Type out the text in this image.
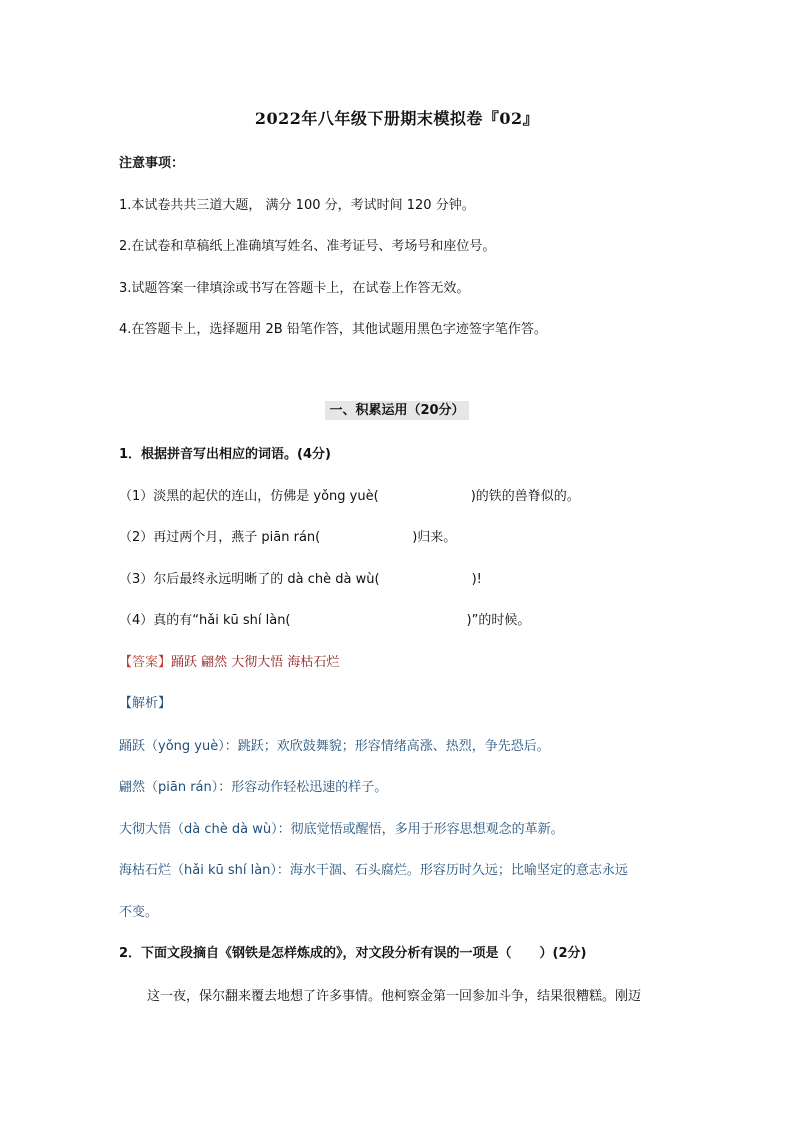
2022年八年级下册期末模拟卷『02』
注意事项：
1.本试卷共共三道大题， 满分 100 分，考试时间 120 分钟。
2.在试卷和草稿纸上准确填写姓名、准考证号、考场号和座位号。
3.试题答案一律填涂或书写在答题卡上，在试卷上作答无效。
4.在答题卡上，选择题用 2B 铅笔作答，其他试题用黑色字迹签字笔作答。
一、积累运用（20分）
1．根据拼音写出相应的词语。(4分)
（1）淡黑的起伏的连山，仿佛是 yǒng yuè(	)的铁的兽脊似的。
（2）再过两个月，燕子 piān rán(	)归来。
（3）尔后最终永远明晰了的 dà chè dà wù(	)!
（4）真的有“hǎi kū shí làn(	)”的时候。
【答案】踊跃 翩然 大彻大悟 海枯石烂
【解析】
踊跃（yǒng yuè）：跳跃；欢欣鼓舞貌；形容情绪高涨、热烈，争先恐后。
翩然（piān rán）：形容动作轻松迅速的样子。
大彻大悟（dà chè dà wù）：彻底觉悟或醒悟，多用于形容思想观念的革新。
海枯石烂（hǎi kū shí làn）：海水干涸、石头腐烂。形容历时久远；比喻坚定的意志永远
不变。
2．下面文段摘自《钢铁是怎样炼成的》，对文段分析有误的一项是（ ）(2分)
这一夜，保尔翻来覆去地想了许多事情。他柯察金第一回参加斗争，结果很糟糕。刚迈
